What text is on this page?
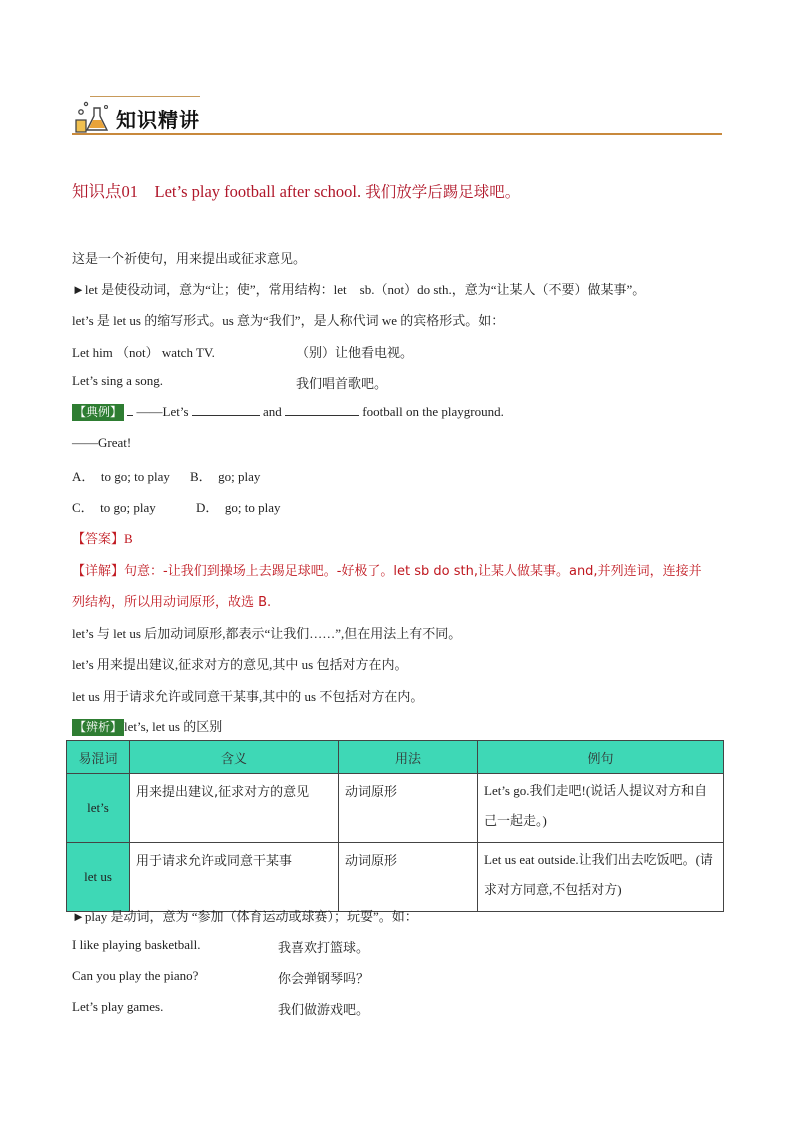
知识精讲
知识点01 Let’s play football after school. 我们放学后踢足球吧。
这是一个祈使句，用来提出或征求意见。
►let 是使役动词，意为“让；使”，常用结构：let　sb.（not）do sth.，意为“让某人（不要）做某事”。
let’s 是 let us 的缩写形式。us 意为“我们”，是人称代词 we 的宾格形式。如：
Let him （not） watch TV.	（别）让他看电视。
Let’s sing a song.	我们唱首歌吧。
【典例】 ——Let’s	and	football on the playground.
——Great!
A． to go; to play B． go; play
C． to go; play	D． go; to play
【答案】B
【详解】句意：-让我们到操场上去踢足球吧。-好极了。let sb do sth,让某人做某事。and,并列连词，连接并
列结构，所以用动词原形，故选 B.
let’s 与 let us 后加动词原形,都表示“让我们……”,但在用法上有不同。
let’s 用来提出建议,征求对方的意见,其中 us 包括对方在内。
let us 用于请求允许或同意干某事,其中的 us 不包括对方在内。
【辨析】 let’s, let us 的区别
易混词	含义	用法	例句
let’s	用来提出建议,征求对方的意见	动词原形	Let’s go.我们走吧!(说话人提议对方和自己一起走。)
let us	用于请求允许或同意干某事	动词原形	Let us eat outside.让我们出去吃饭吧。(请求对方同意,不包括对方)
►play 是动词，意为 “参加（体育运动或球赛）；玩耍”。如：
I like playing basketball.	我喜欢打篮球。
Can you play the piano?	你会弹钢琴吗？
Let’s play games.	我们做游戏吧。
